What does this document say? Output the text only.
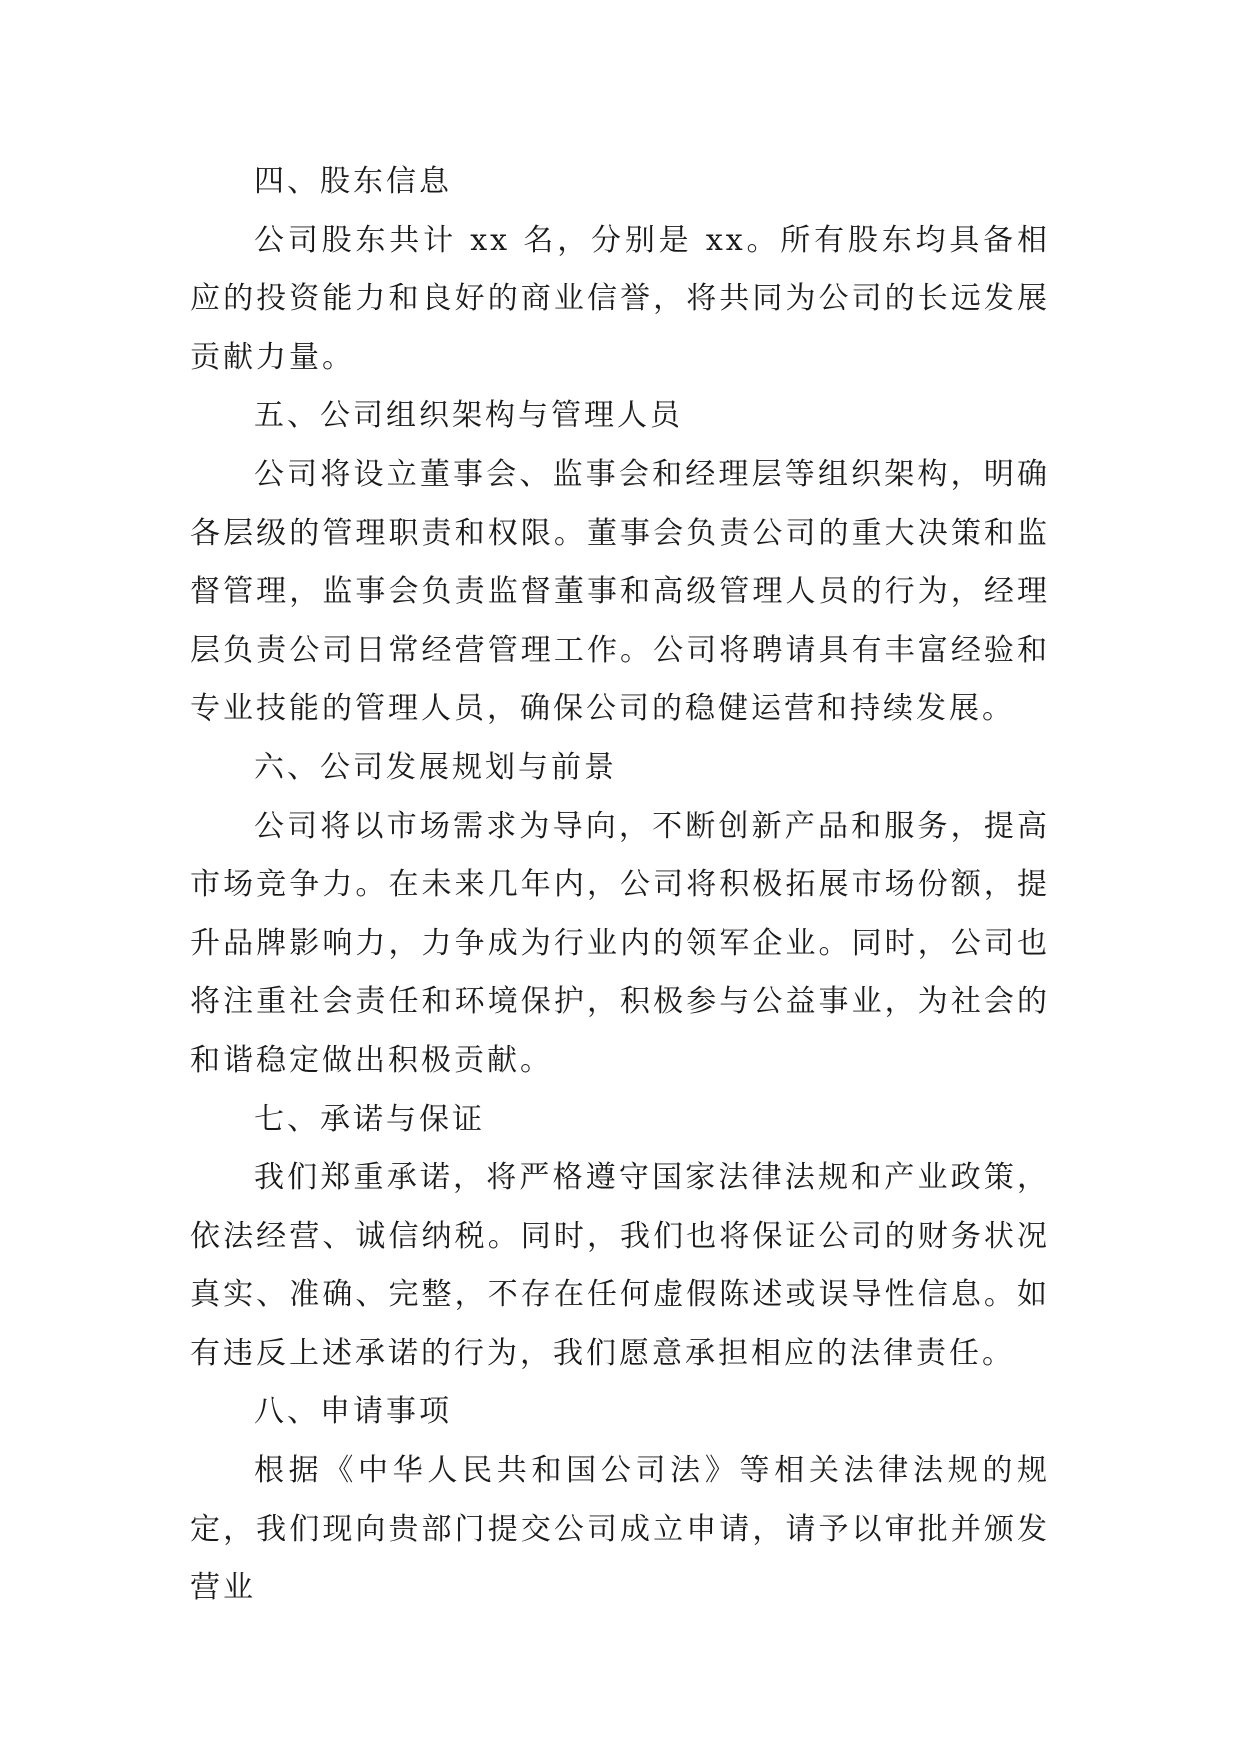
四、股东信息

公司股东共计 xx 名，分别是 xx。所有股东均具备相应的投资能力和良好的商业信誉，将共同为公司的长远发展贡献力量。

五、公司组织架构与管理人员

公司将设立董事会、监事会和经理层等组织架构，明确各层级的管理职责和权限。董事会负责公司的重大决策和监督管理，监事会负责监督董事和高级管理人员的行为，经理层负责公司日常经营管理工作。公司将聘请具有丰富经验和专业技能的管理人员，确保公司的稳健运营和持续发展。

六、公司发展规划与前景

公司将以市场需求为导向，不断创新产品和服务，提高市场竞争力。在未来几年内，公司将积极拓展市场份额，提升品牌影响力，力争成为行业内的领军企业。同时，公司也将注重社会责任和环境保护，积极参与公益事业，为社会的和谐稳定做出积极贡献。

七、承诺与保证

我们郑重承诺，将严格遵守国家法律法规和产业政策，依法经营、诚信纳税。同时，我们也将保证公司的财务状况真实、准确、完整，不存在任何虚假陈述或误导性信息。如有违反上述承诺的行为，我们愿意承担相应的法律责任。

八、申请事项

根据《中华人民共和国公司法》等相关法律法规的规定，我们现向贵部门提交公司成立申请，请予以审批并颁发营业
